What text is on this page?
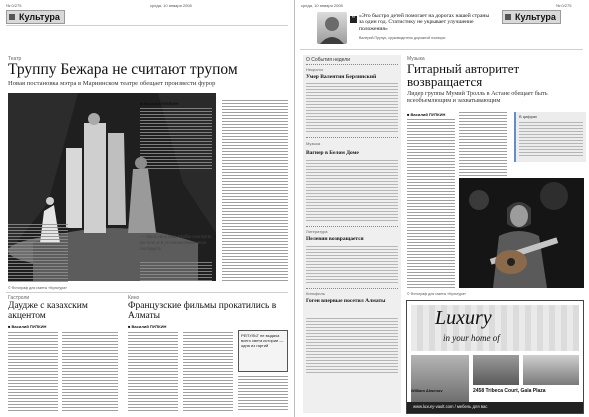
№ 0/275	среда, 10 января 2008
Культура
Театр
Труппу Бежара не считают трупом
Новая постановка мэтра в Мариинском театре обещает произвести фурор
■ Василий ПУПКИН
— Цель не в том, чтобы смотреть на тело и в установленное тело поглядеть
© Фотограф для газеты «Культура»
Гастроли
Даудже с казахским акцентом
■ Василий ПУПКИН
Кино
Французские фильмы прокатились в Алматы
■ Василий ПУПКИН
РЕПУЛЬТ не выдача всего света истории — одна из гартий
среда, 10 января 2008	№ 0/275
“ «Это быстро детей помогает на дорогах нашей страны за один год. Статистику не укрывает улучшение положения»
Валерий Прупус, сруководитель дорожной полиции
Культура
О События недели
Некролог
Умер Валентин Берлинский
Музыка
Вагнер в Белом Доме
Литература
Пелевин возвращается
Кинофиль
Гоген впервые посетил Алматы
Музыка
Гитарный авторитет возвращается
Лидер группы Мумий Тролль в Астане обещает быть всеобъемлющим и захватывающим
■ Василий ПУПКИН	В цифрах
© Фотограф для газеты «Культура»
Luxury
in your home of
William Aksenov	2458 Tribeca Court, Gala Plaza
www.luxury-vault.com / мебель для вас
